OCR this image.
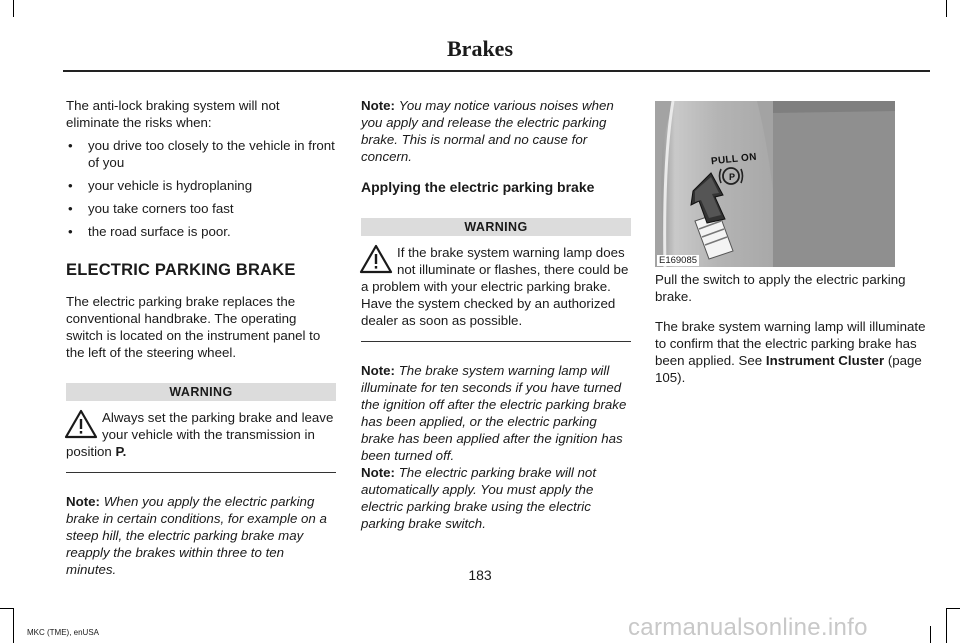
Brakes

The anti-lock braking system will not eliminate the risks when:

• you drive too closely to the vehicle in front of you
• your vehicle is hydroplaning
• you take corners too fast
• the road surface is poor.
ELECTRIC PARKING BRAKE

The electric parking brake replaces the conventional handbrake. The operating switch is located on the instrument panel to the left of the steering wheel.

WARNING
Always set the parking brake and leave your vehicle with the transmission in position P.

Note: When you apply the electric parking brake in certain conditions, for example on a steep hill, the electric parking brake may reapply the brakes within three to ten minutes.

Note: You may notice various noises when you apply and release the electric parking brake. This is normal and no cause for concern.

Applying the electric parking brake
WARNING
If the brake system warning lamp does not illuminate or flashes, there could be a problem with your electric parking brake. Have the system checked by an authorized dealer as soon as possible.

Note: The brake system warning lamp will illuminate for ten seconds if you have turned the ignition off after the electric parking brake has been applied, or the electric parking brake has been applied after the ignition has been turned off.

Note: The electric parking brake will not automatically apply. You must apply the electric parking brake using the electric parking brake switch.

PULL ON
P
E169085

Pull the switch to apply the electric parking brake.

The brake system warning lamp will illuminate to confirm that the electric parking brake has been applied. See Instrument Cluster (page 105).

183
MKC (TME), enUSA	carmanualsonline.info
